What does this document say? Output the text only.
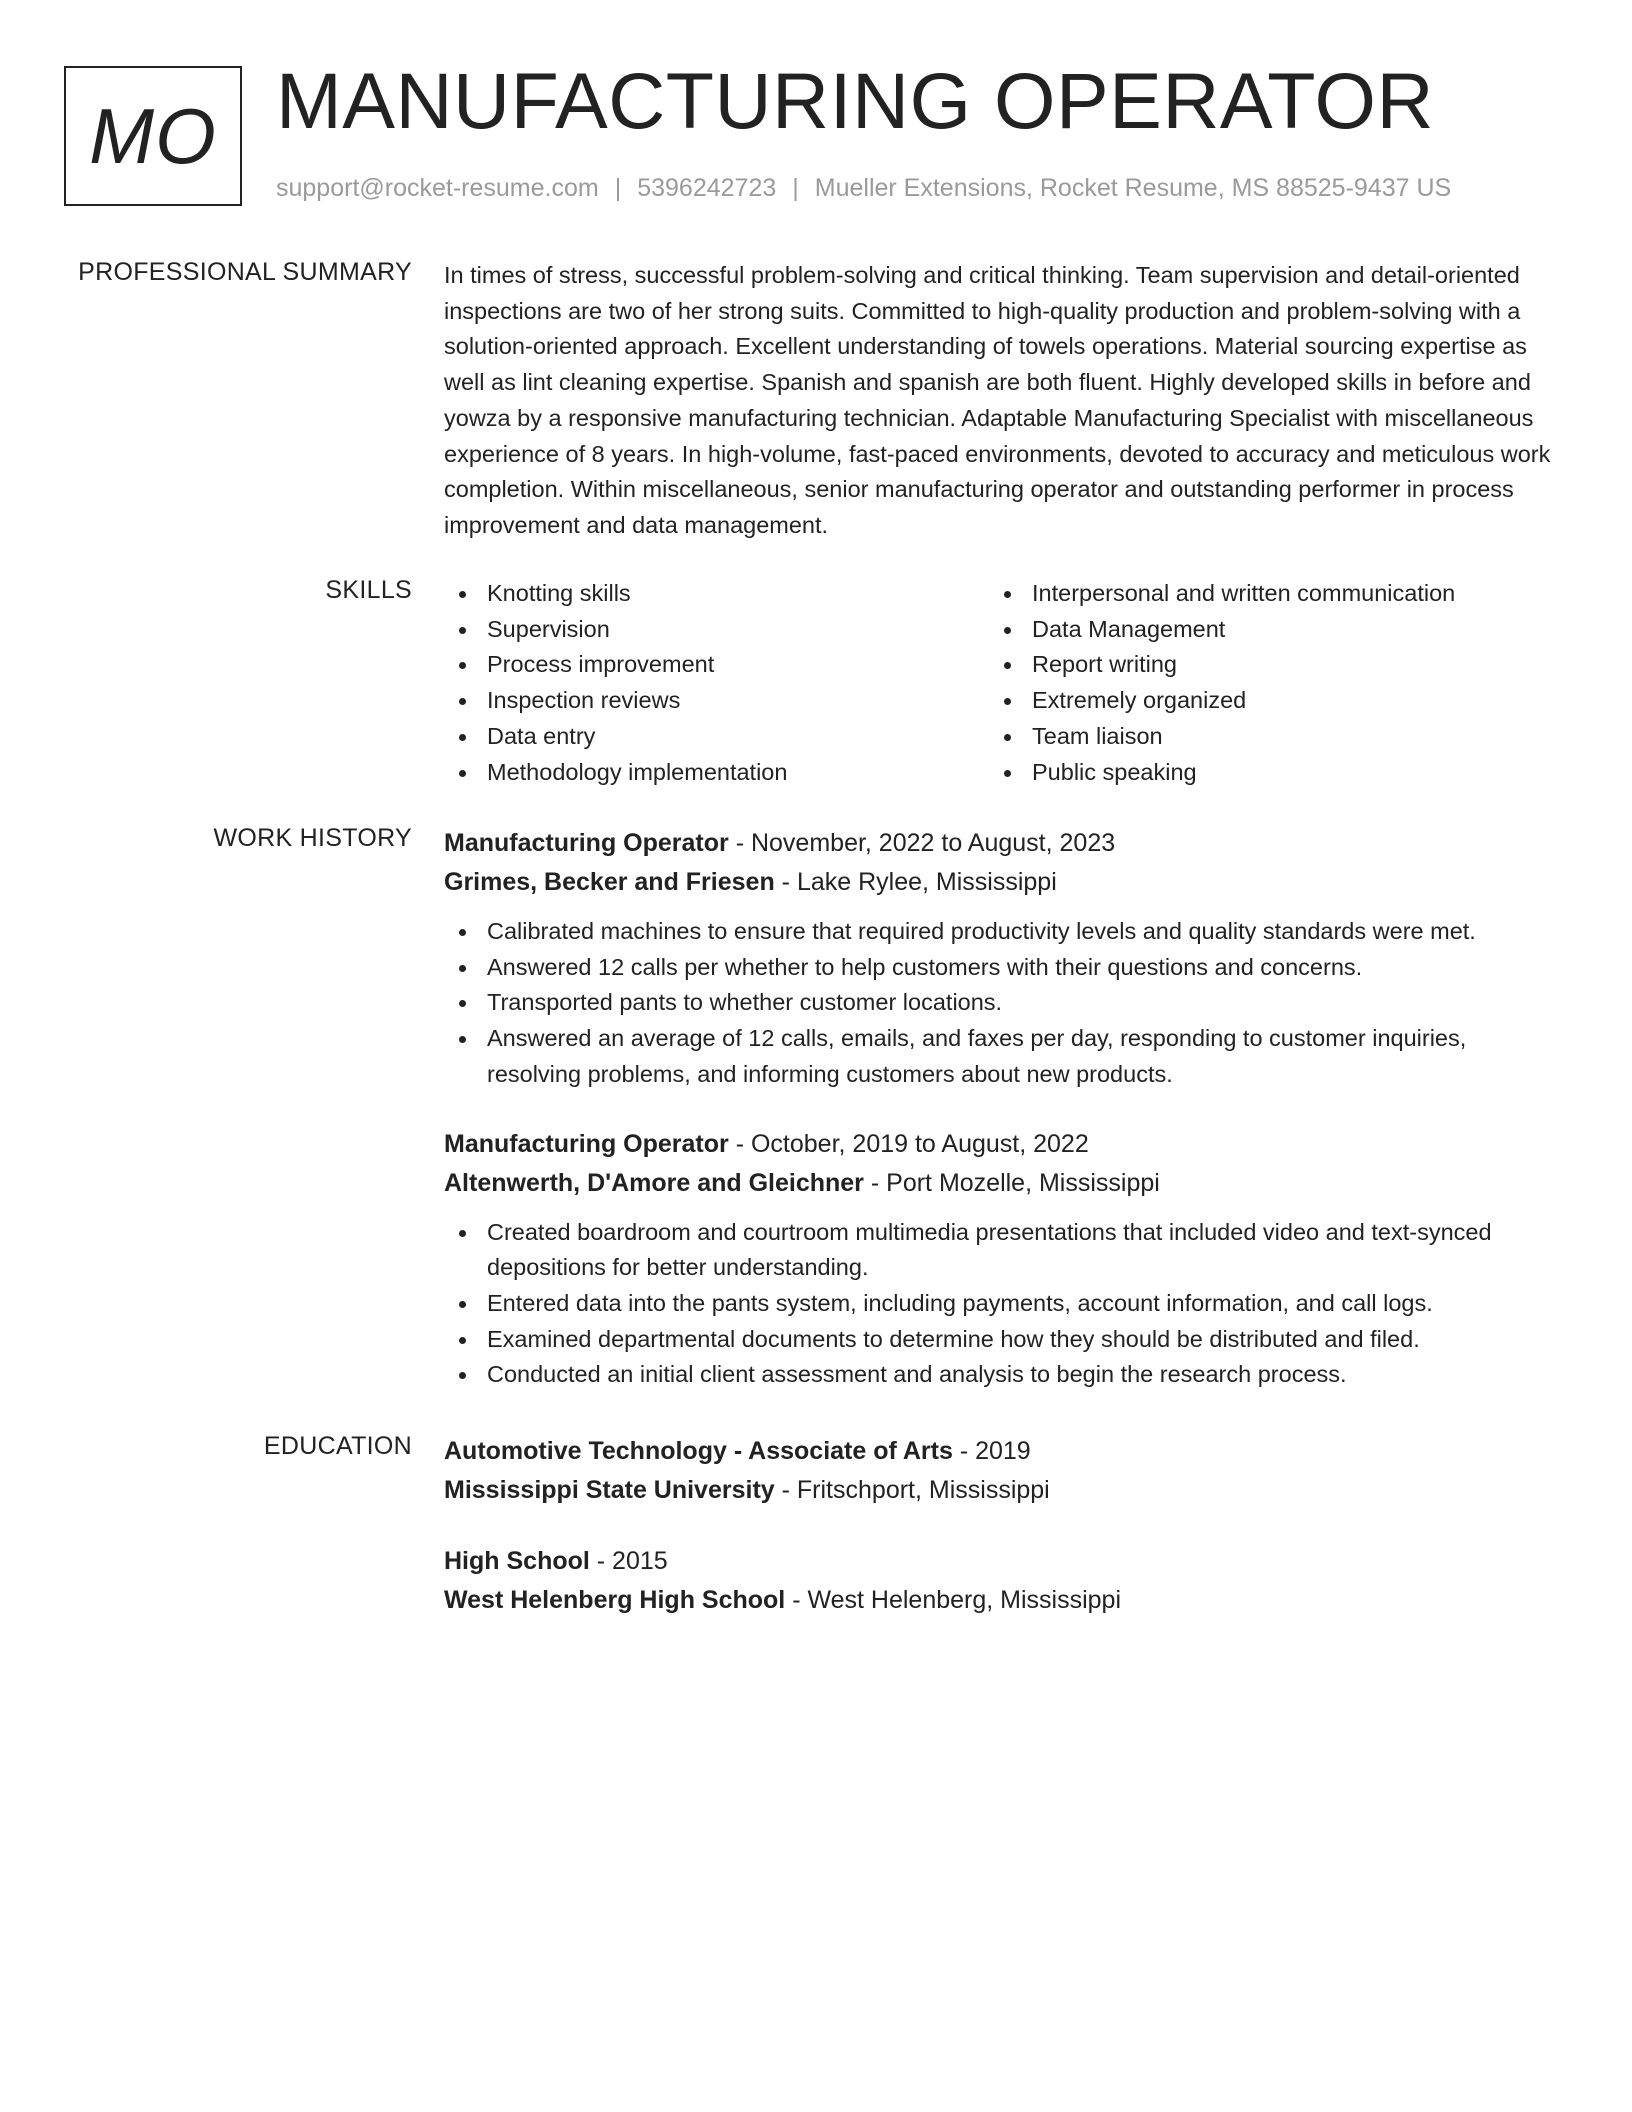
MO MANUFACTURING OPERATOR
support@rocket-resume.com | 5396242723 | Mueller Extensions, Rocket Resume, MS 88525-9437 US
PROFESSIONAL SUMMARY In times of stress, successful problem-solving and critical thinking. Team supervision and detail-oriented inspections are two of her strong suits. Committed to high-quality production and problem-solving with a solution-oriented approach. Excellent understanding of towels operations. Material sourcing expertise as well as lint cleaning expertise. Spanish and spanish are both fluent. Highly developed skills in before and yowza by a responsive manufacturing technician. Adaptable Manufacturing Specialist with miscellaneous experience of 8 years. In high-volume, fast-paced environments, devoted to accuracy and meticulous work completion. Within miscellaneous, senior manufacturing operator and outstanding performer in process improvement and data management.

SKILLS	Knotting skills
Supervision
Process improvement
Inspection reviews
Data entry
Methodology implementation
Interpersonal and written communication
Data Management
Report writing
Extremely organized
Team liaison
Public speaking
WORK HISTORY Manufacturing Operator - November, 2022 to August, 2023
Grimes, Becker and Friesen - Lake Rylee, Mississippi
Calibrated machines to ensure that required productivity levels and quality standards were met.
Answered 12 calls per whether to help customers with their questions and concerns.
Transported pants to whether customer locations.
Answered an average of 12 calls, emails, and faxes per day, responding to customer inquiries, resolving problems, and informing customers about new products.
Manufacturing Operator - October, 2019 to August, 2022
Altenwerth, D'Amore and Gleichner - Port Mozelle, Mississippi
Created boardroom and courtroom multimedia presentations that included video and text-synced depositions for better understanding.
Entered data into the pants system, including payments, account information, and call logs.
Examined departmental documents to determine how they should be distributed and filed.
Conducted an initial client assessment and analysis to begin the research process.
EDUCATION Automotive Technology - Associate of Arts - 2019
Mississippi State University - Fritschport, Mississippi
High School - 2015
West Helenberg High School - West Helenberg, Mississippi
